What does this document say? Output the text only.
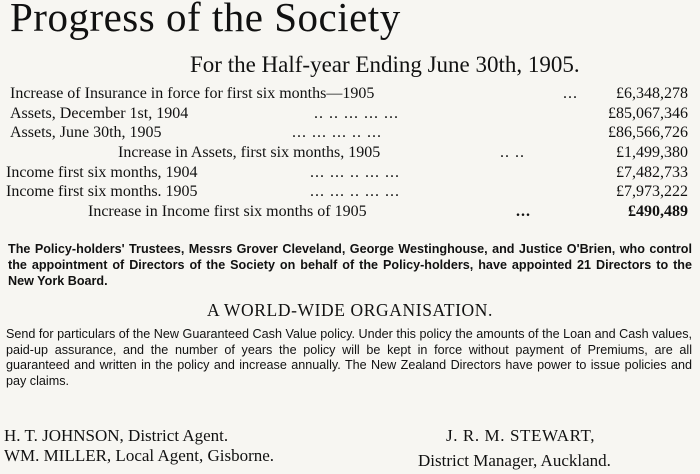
Progress of the Society
For the Half-year Ending June 30th, 1905.
Increase of Insurance in force for first six months—1905	... £6,348,278
Assets, December 1st, 1904	.. .. ... ... ...	£85,067,346
Assets, June 30th, 1905	... ... ... .. ...	£86,566,726
Increase in Assets, first six months, 1905	.. ..	£1,499,380
Income first six months, 1904	... ... .. ... ...	£7,482,733
Income first six months. 1905	... ... .. ... ...	£7,973,222
Increase in Income first six months of 1905	...	£490,489
The Policy-holders' Trustees, Messrs Grover Cleveland, George Westinghouse, and Justice O'Brien, who control the appointment of Directors of the Society on behalf of the Policy-holders, have appointed 21 Directors to the New York Board.
A WORLD-WIDE ORGANISATION.
Send for particulars of the New Guaranteed Cash Value policy. Under this policy the amounts of the Loan and Cash values, paid-up assurance, and the number of years the policy will be kept in force without payment of Premiums, are all guaranteed and written in the policy and increase annually. The New Zealand Directors have power to issue policies and pay claims.
H. T. JOHNSON, District Agent.
WM. MILLER, Local Agent, Gisborne.
J. R. M. STEWART,
District Manager, Auckland.
